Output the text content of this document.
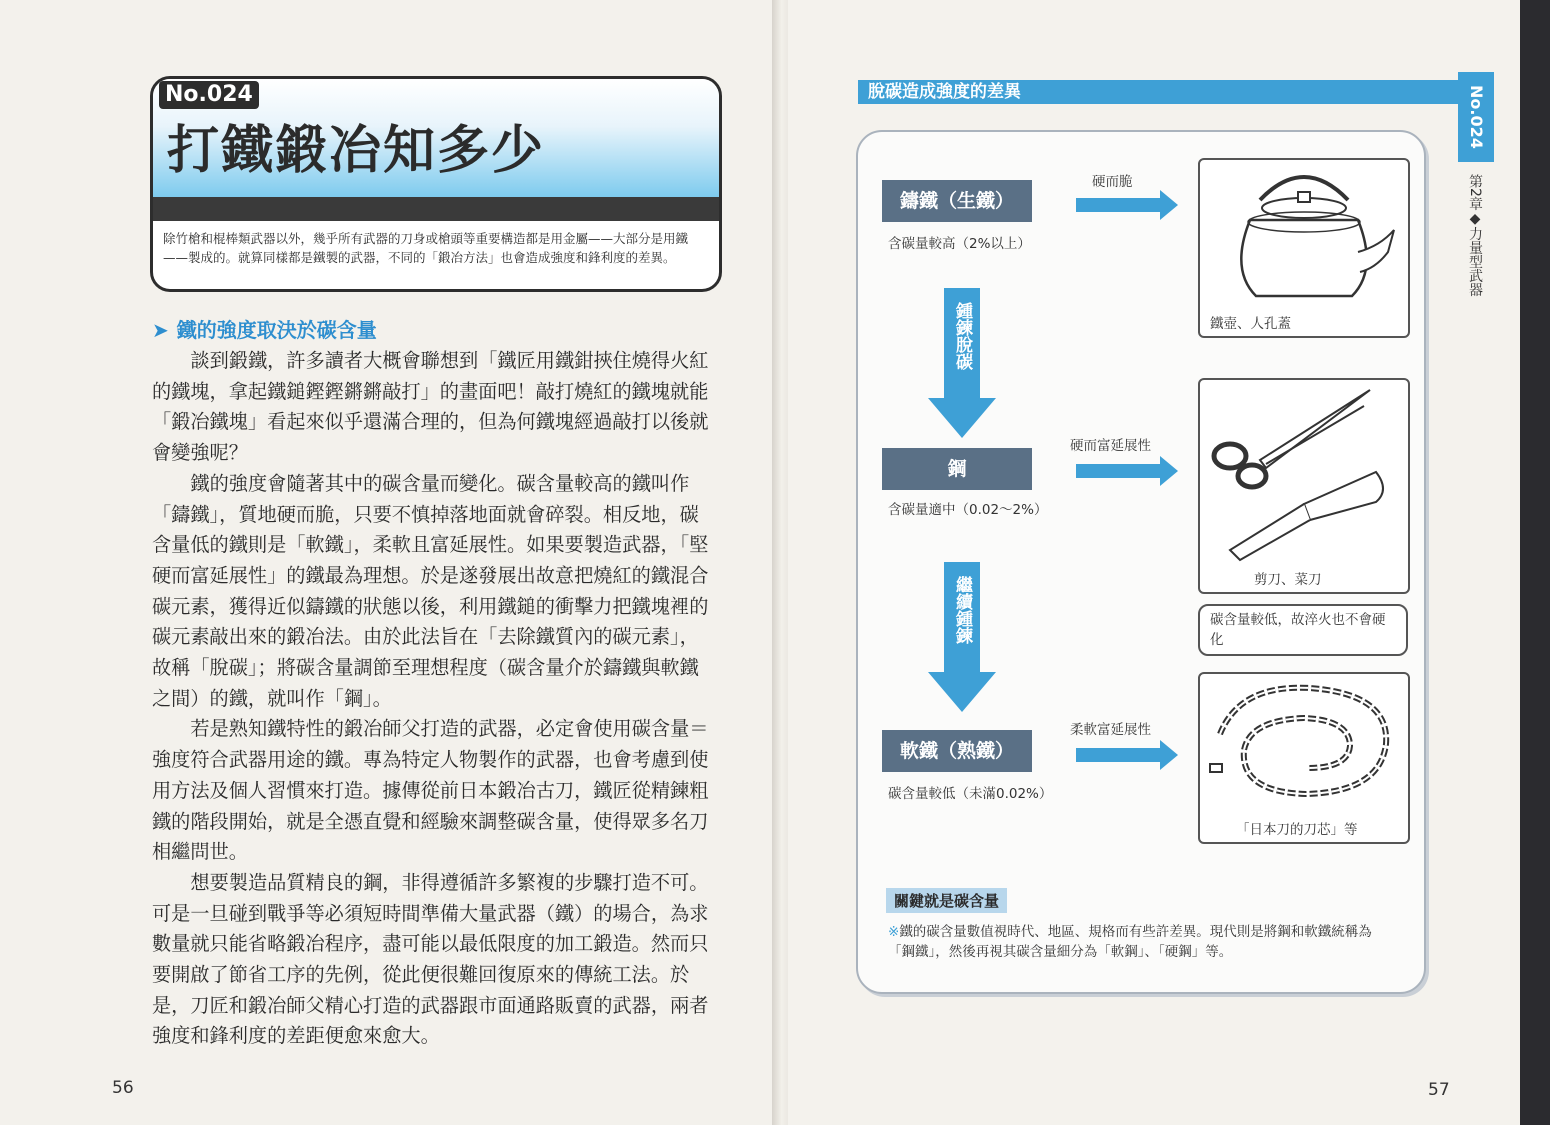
No.024
打鐵鍛冶知多少
除竹槍和棍棒類武器以外，幾乎所有武器的刀身或槍頭等重要構造都是用金屬——大部分是用鐵——製成的。就算同樣都是鐵製的武器，不同的「鍛冶方法」也會造成強度和鋒利度的差異。
➤ 鐵的強度取決於碳含量

談到鍛鐵，許多讀者大概會聯想到「鐵匠用鐵鉗挾住燒得火紅的鐵塊，拿起鐵鎚鏗鏗鏘鏘敲打」的畫面吧！敲打燒紅的鐵塊就能「鍛冶鐵塊」看起來似乎還滿合理的，但為何鐵塊經過敲打以後就會變強呢？

鐵的強度會隨著其中的碳含量而變化。碳含量較高的鐵叫作「鑄鐵」，質地硬而脆，只要不慎掉落地面就會碎裂。相反地，碳含量低的鐵則是「軟鐵」，柔軟且富延展性。如果要製造武器，「堅硬而富延展性」的鐵最為理想。於是遂發展出故意把燒紅的鐵混合碳元素，獲得近似鑄鐵的狀態以後，利用鐵鎚的衝擊力把鐵塊裡的碳元素敲出來的鍛冶法。由於此法旨在「去除鐵質內的碳元素」，故稱「脫碳」；將碳含量調節至理想程度（碳含量介於鑄鐵與軟鐵之間）的鐵，就叫作「鋼」。

若是熟知鐵特性的鍛冶師父打造的武器，必定會使用碳含量＝強度符合武器用途的鐵。專為特定人物製作的武器，也會考慮到使用方法及個人習慣來打造。據傳從前日本鍛冶古刀，鐵匠從精鍊粗鐵的階段開始，就是全憑直覺和經驗來調整碳含量，使得眾多名刀相繼問世。

想要製造品質精良的鋼，非得遵循許多繁複的步驟打造不可。可是一旦碰到戰爭等必須短時間準備大量武器（鐵）的場合，為求數量就只能省略鍛冶程序，盡可能以最低限度的加工鍛造。然而只要開啟了節省工序的先例，從此便很難回復原來的傳統工法。於是，刀匠和鍛冶師父精心打造的武器跟市面通路販賣的武器，兩者強度和鋒利度的差距便愈來愈大。

56
脫碳造成強度的差異
鑄鐵（生鐵）
含碳量較高（2%以上）
硬而脆
鐵壺、人孔蓋
鍾鍊脫碳
鋼
含碳量適中（0.02～2%）
硬而富延展性
剪刀、菜刀
繼續鍾鍊	碳含量較低，故淬火也不會硬化
軟鐵（熟鐵）
碳含量較低（未滿0.02%）
柔軟富延展性
「日本刀的刀芯」等
關鍵就是碳含量
※鐵的碳含量數值視時代、地區、規格而有些許差異。現代則是將鋼和軟鐵統稱為「鋼鐵」，然後再視其碳含量細分為「軟鋼」、「硬鋼」等。
No.024
第2章◆力量型武器
57
